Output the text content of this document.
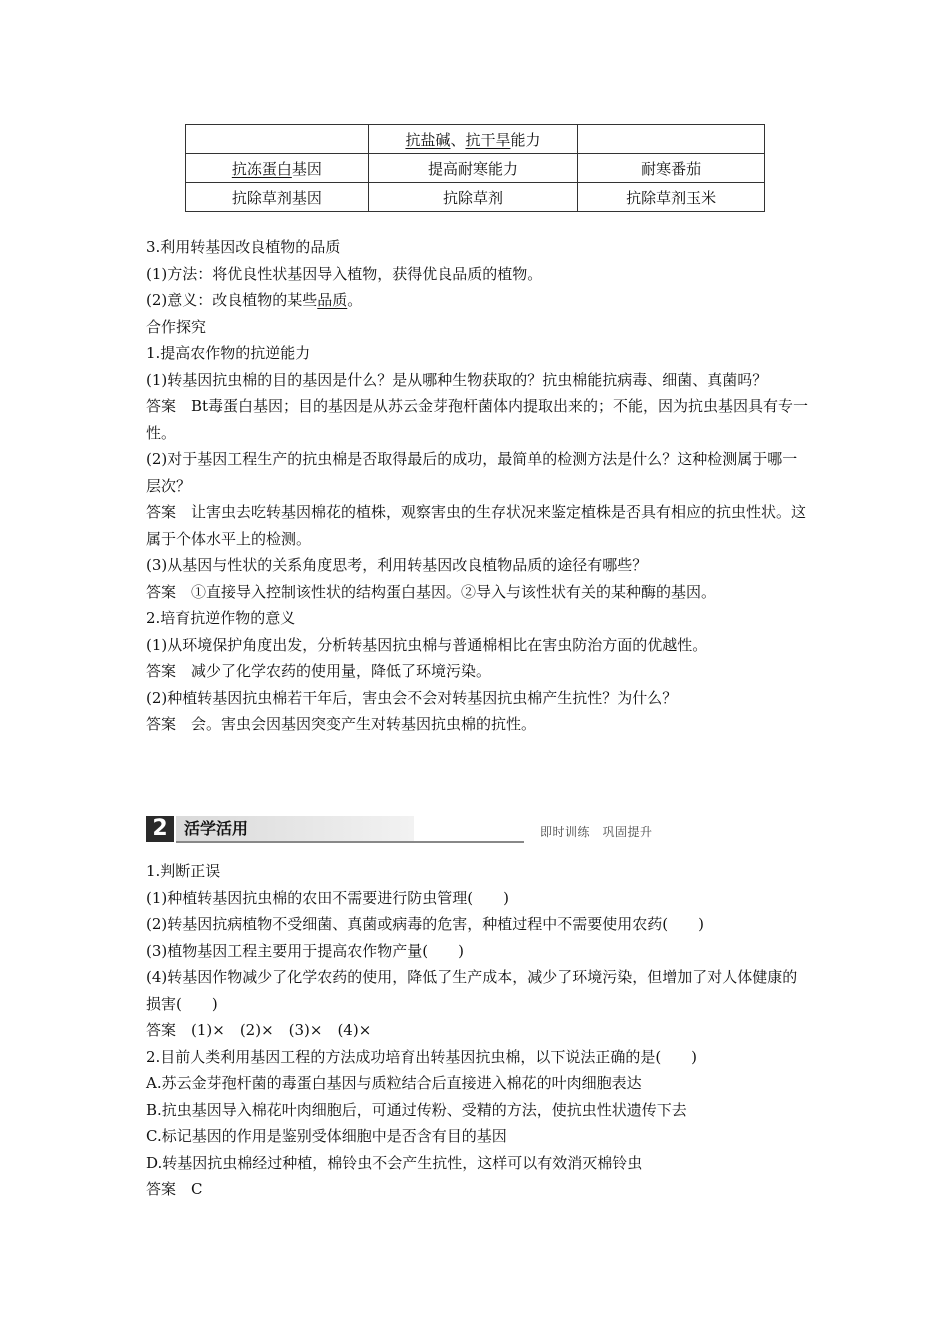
	抗盐碱、抗干旱能力	
抗冻蛋白基因	提高耐寒能力	耐寒番茄
抗除草剂基因	抗除草剂	抗除草剂玉米

3.利用转基因改良植物的品质

(1)方法：将优良性状基因导入植物，获得优良品质的植物。

(2)意义：改良植物的某些品质。

合作探究

1.提高农作物的抗逆能力

(1)转基因抗虫棉的目的基因是什么？是从哪种生物获取的？抗虫棉能抗病毒、细菌、真菌吗？

答案　Bt毒蛋白基因；目的基因是从苏云金芽孢杆菌体内提取出来的；不能，因为抗虫基因具有专一性。

(2)对于基因工程生产的抗虫棉是否取得最后的成功，最简单的检测方法是什么？这种检测属于哪一层次？

答案　让害虫去吃转基因棉花的植株，观察害虫的生存状况来鉴定植株是否具有相应的抗虫性状。这属于个体水平上的检测。

(3)从基因与性状的关系角度思考，利用转基因改良植物品质的途径有哪些？

答案　①直接导入控制该性状的结构蛋白基因。②导入与该性状有关的某种酶的基因。

2.培育抗逆作物的意义

(1)从环境保护角度出发，分析转基因抗虫棉与普通棉相比在害虫防治方面的优越性。

答案　减少了化学农药的使用量，降低了环境污染。

(2)种植转基因抗虫棉若干年后，害虫会不会对转基因抗虫棉产生抗性？为什么？

答案　会。害虫会因基因突变产生对转基因抗虫棉的抗性。

2	活学活用	即时训练　巩固提升

1.判断正误

(1)种植转基因抗虫棉的农田不需要进行防虫管理(　　)

(2)转基因抗病植物不受细菌、真菌或病毒的危害，种植过程中不需要使用农药(　　)

(3)植物基因工程主要用于提高农作物产量(　　)

(4)转基因作物减少了化学农药的使用，降低了生产成本，减少了环境污染，但增加了对人体健康的损害(　　)

答案　(1)×　(2)×　(3)×　(4)×

2.目前人类利用基因工程的方法成功培育出转基因抗虫棉，以下说法正确的是(　　)

A.苏云金芽孢杆菌的毒蛋白基因与质粒结合后直接进入棉花的叶肉细胞表达

B.抗虫基因导入棉花叶肉细胞后，可通过传粉、受精的方法，使抗虫性状遗传下去

C.标记基因的作用是鉴别受体细胞中是否含有目的基因

D.转基因抗虫棉经过种植，棉铃虫不会产生抗性，这样可以有效消灭棉铃虫

答案　C
